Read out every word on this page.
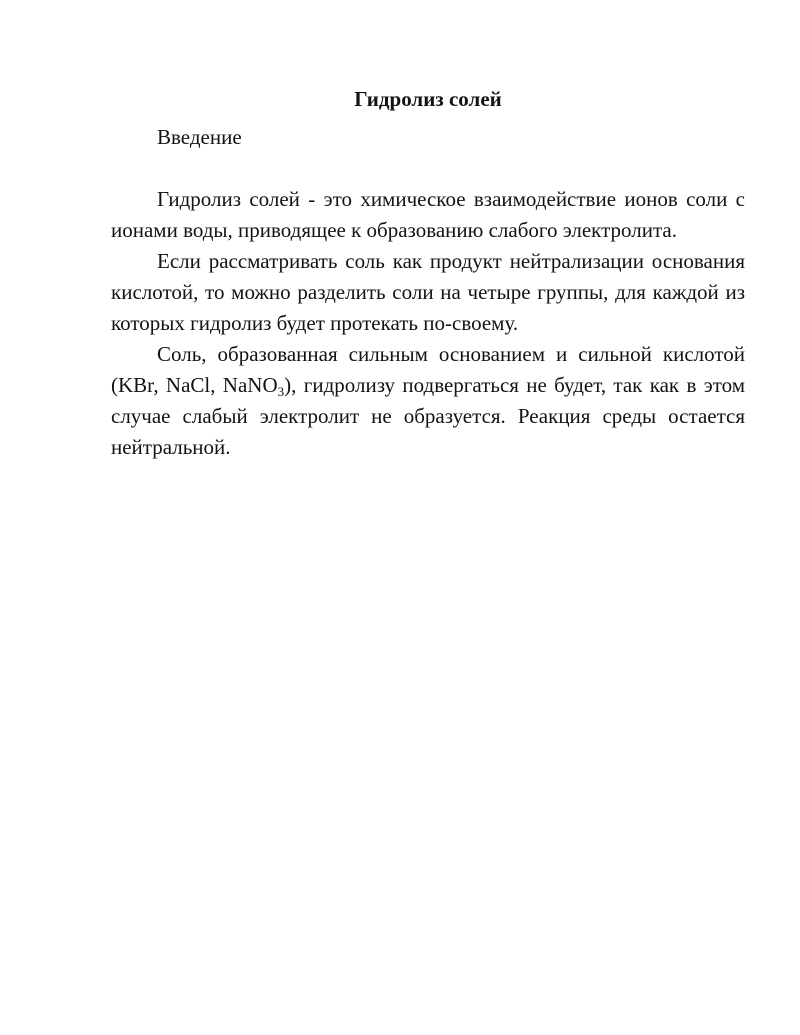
Гидролиз солей

Введение

Гидролиз солей - это химическое взаимодействие ионов соли с ионами воды, приводящее к образованию слабого электролита.

Если рассматривать соль как продукт нейтрализации основания кислотой, то можно разделить соли на четыре группы, для каждой из которых гидролиз будет протекать по-своему.

Соль, образованная сильным основанием и сильной кислотой (KBr, NaCl, NaNO$_3$), гидролизу подвергаться не будет, так как в этом случае слабый электролит не образуется. Реакция среды остается нейтральной.
